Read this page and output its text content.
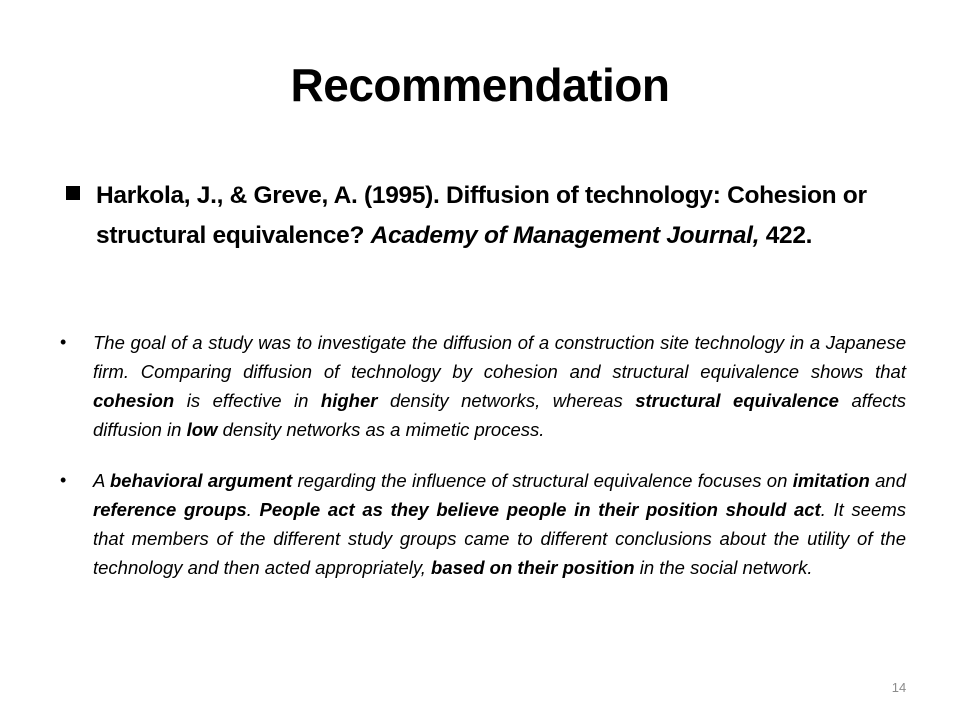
Recommendation
Harkola, J., & Greve, A. (1995). Diffusion of technology: Cohesion or structural equivalence? Academy of Management Journal, 422.
• The goal of a study was to investigate the diffusion of a construction site technology in a Japanese firm. Comparing diffusion of technology by cohesion and structural equivalence shows that cohesion is effective in higher density networks, whereas structural equivalence affects diffusion in low density networks as a mimetic process.
• A behavioral argument regarding the influence of structural equivalence focuses on imitation and reference groups. People act as they believe people in their position should act. It seems that members of the different study groups came to different conclusions about the utility of the technology and then acted appropriately, based on their position in the social network.
14
